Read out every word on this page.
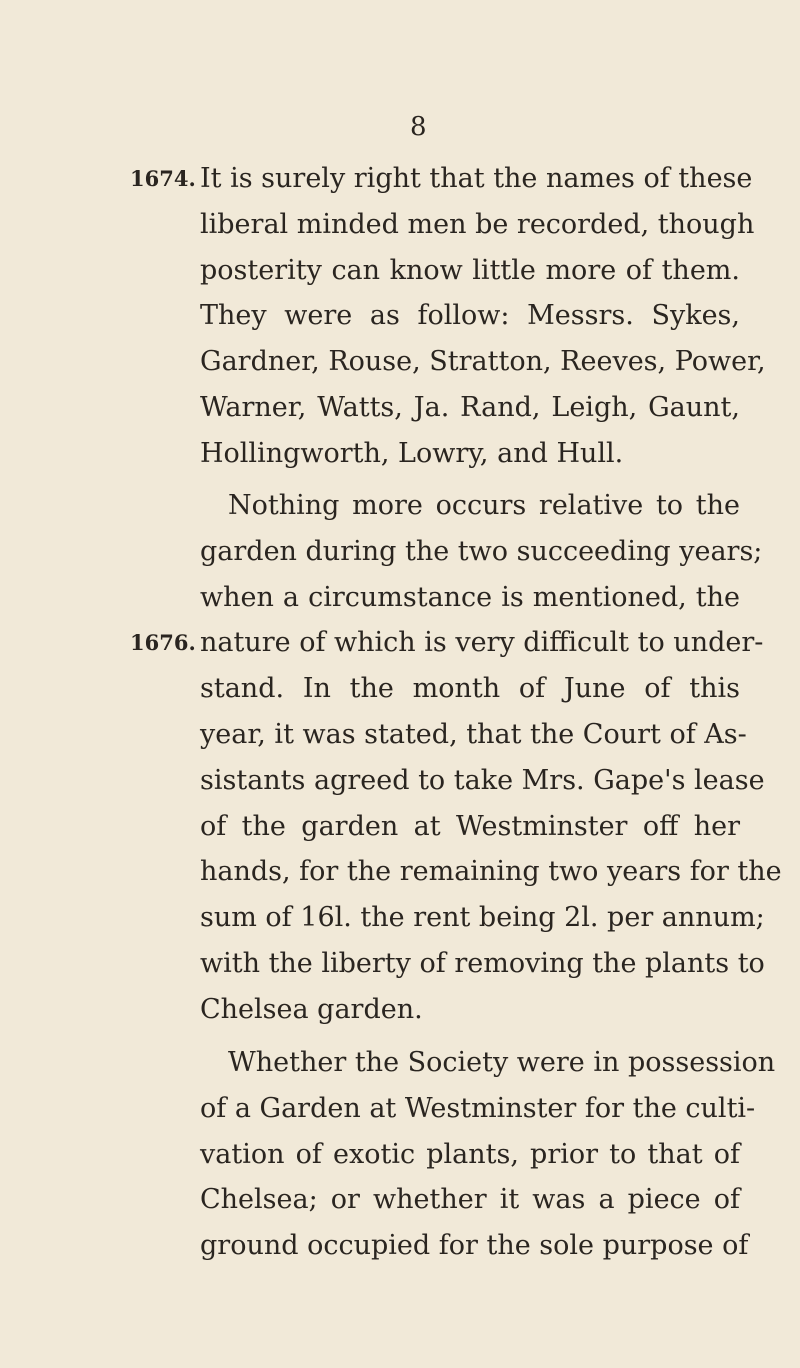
8
1674.
1676.
It is surely right that the names of these
liberal minded men be recorded, though
posterity can know little more of them.
They were as follow: Messrs. Sykes,
Gardner, Rouse, Stratton, Reeves, Power,
Warner, Watts, Ja. Rand, Leigh, Gaunt,
Hollingworth, Lowry, and Hull.
Nothing more occurs relative to the
garden during the two succeeding years;
when a circumstance is mentioned, the
nature of which is very difficult to under-
stand. In the month of June of this
year, it was stated, that the Court of As-
sistants agreed to take Mrs. Gape's lease
of the garden at Westminster off her
hands, for the remaining two years for the
sum of 16l. the rent being 2l. per annum;
with the liberty of removing the plants to
Chelsea garden.
Whether the Society were in possession
of a Garden at Westminster for the culti-
vation of exotic plants, prior to that of
Chelsea; or whether it was a piece of
ground occupied for the sole purpose of
